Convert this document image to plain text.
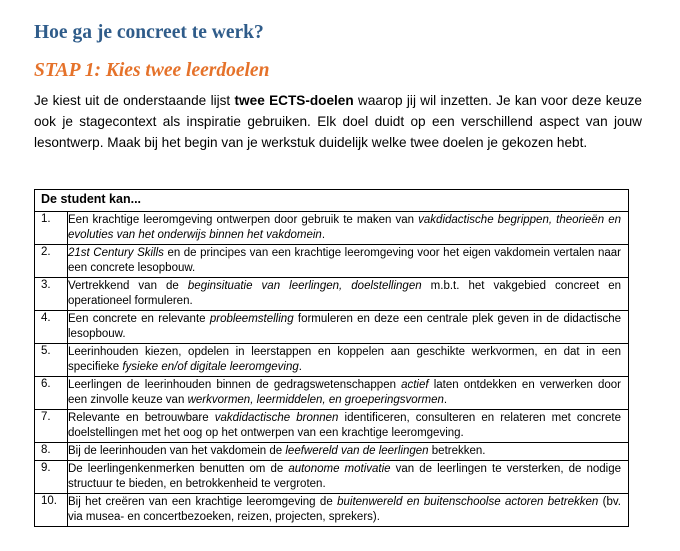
Hoe ga je concreet te werk?
STAP 1: Kies twee leerdoelen

Je kiest uit de onderstaande lijst twee ECTS-doelen waarop jij wil inzetten. Je kan voor deze keuze ook je stagecontext als inspiratie gebruiken. Elk doel duidt op een verschillend aspect van jouw lesontwerp. Maak bij het begin van je werkstuk duidelijk welke twee doelen je gekozen hebt.

De student kan...	
1.	Een krachtige leeromgeving ontwerpen door gebruik te maken van vakdidactische begrippen, theorieën en evoluties van het onderwijs binnen het vakdomein.
2.	21st Century Skills en de principes van een krachtige leeromgeving voor het eigen vakdomein vertalen naar een concrete lesopbouw.
3.	Vertrekkend van de beginsituatie van leerlingen, doelstellingen m.b.t. het vakgebied concreet en operationeel formuleren.
4.	Een concrete en relevante probleemstelling formuleren en deze een centrale plek geven in de didactische lesopbouw.
5.	Leerinhouden kiezen, opdelen in leerstappen en koppelen aan geschikte werkvormen, en dat in een specifieke fysieke en/of digitale leeromgeving.
6.	Leerlingen de leerinhouden binnen de gedragswetenschappen actief laten ontdekken en verwerken door een zinvolle keuze van werkvormen, leermiddelen, en groeperingsvormen.
7.	Relevante en betrouwbare vakdidactische bronnen identificeren, consulteren en relateren met concrete doelstellingen met het oog op het ontwerpen van een krachtige leeromgeving.
8.	Bij de leerinhouden van het vakdomein de leefwereld van de leerlingen betrekken.
9.	De leerlingenkenmerken benutten om de autonome motivatie van de leerlingen te versterken, de nodige structuur te bieden, en betrokkenheid te vergroten.
10.	Bij het creëren van een krachtige leeromgeving de buitenwereld en buitenschoolse actoren betrekken (bv. via musea- en concertbezoeken, reizen, projecten, sprekers).
